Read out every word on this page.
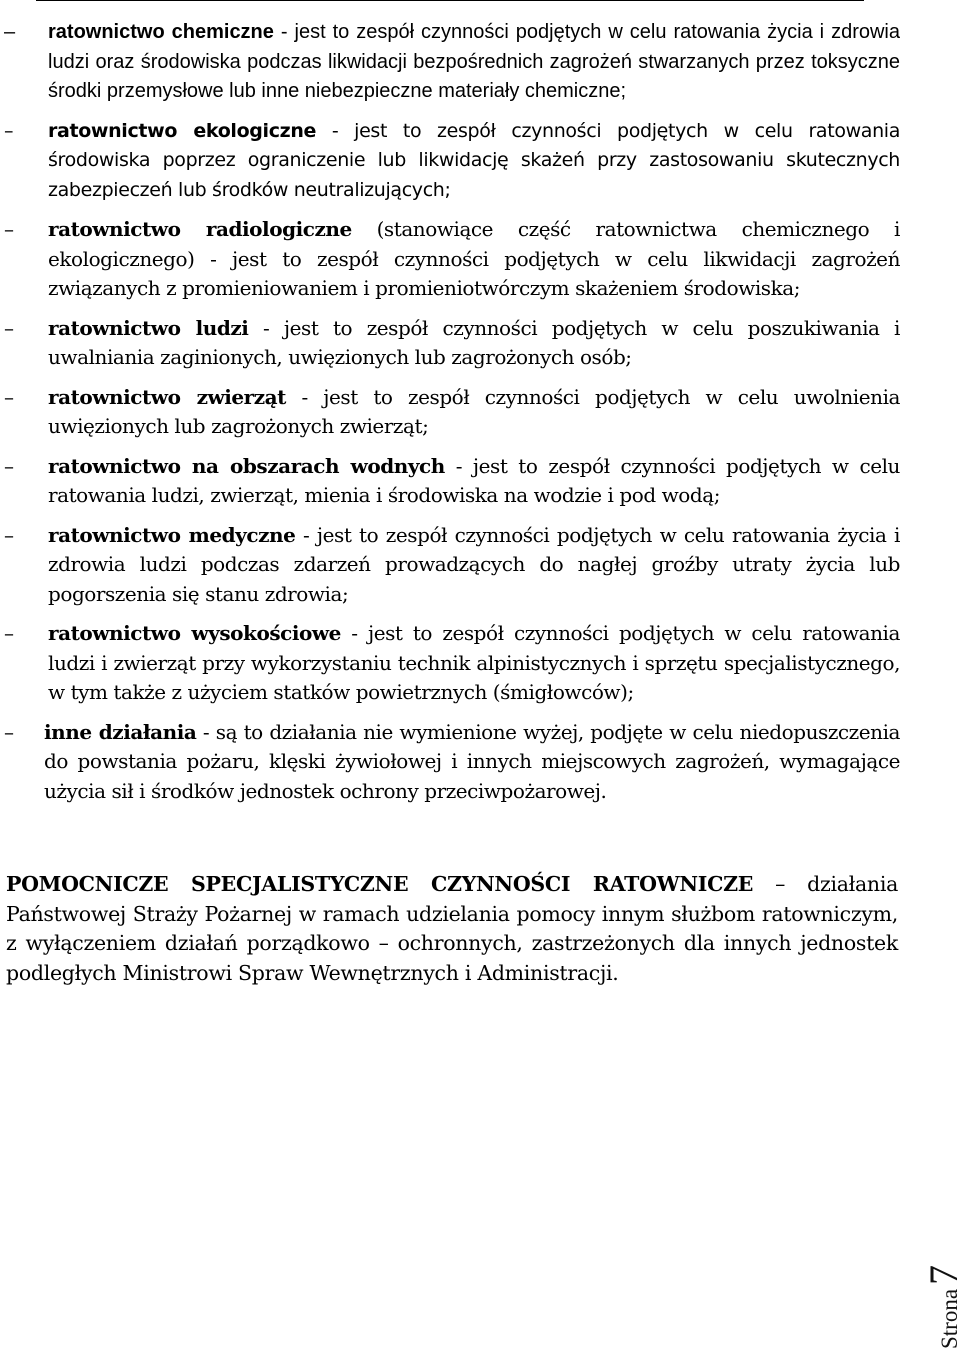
– ratownictwo chemiczne - jest to zespół czynności podjętych w celu ratowania życia i zdrowia ludzi oraz środowiska podczas likwidacji bezpośrednich zagrożeń stwarzanych przez toksyczne środki przemysłowe lub inne niebezpieczne materiały chemiczne;
– ratownictwo ekologiczne - jest to zespół czynności podjętych w celu ratowania środowiska poprzez ograniczenie lub likwidację skażeń przy zastosowaniu skutecznych zabezpieczeń lub środków neutralizujących;
– ratownictwo radiologiczne (stanowiące część ratownictwa chemicznego i ekologicznego) - jest to zespół czynności podjętych w celu likwidacji zagrożeń związanych z promieniowaniem i promieniotwórczym skażeniem środowiska;
– ratownictwo ludzi - jest to zespół czynności podjętych w celu poszukiwania i uwalniania zaginionych, uwięzionych lub zagrożonych osób;
– ratownictwo zwierząt - jest to zespół czynności podjętych w celu uwolnienia uwięzionych lub zagrożonych zwierząt;
– ratownictwo na obszarach wodnych - jest to zespół czynności podjętych w celu ratowania ludzi, zwierząt, mienia i środowiska na wodzie i pod wodą;
– ratownictwo medyczne - jest to zespół czynności podjętych w celu ratowania życia i zdrowia ludzi podczas zdarzeń prowadzących do nagłej groźby utraty życia lub pogorszenia się stanu zdrowia;
– ratownictwo wysokościowe - jest to zespół czynności podjętych w celu ratowania ludzi i zwierząt przy wykorzystaniu technik alpinistycznych i sprzętu specjalistycznego, w tym także z użyciem statków powietrznych (śmigłowców);
– inne działania - są to działania nie wymienione wyżej, podjęte w celu niedopuszczenia do powstania pożaru, klęski żywiołowej i innych miejscowych zagrożeń, wymagające użycia sił i środków jednostek ochrony przeciwpożarowej.
POMOCNICZE SPECJALISTYCZNE CZYNNOŚCI RATOWNICZE – działania Państwowej Straży Pożarnej w ramach udzielania pomocy innym służbom ratowniczym, z wyłączeniem działań porządkowo – ochronnych, zastrzeżonych dla innych jednostek podległych Ministrowi Spraw Wewnętrznych i Administracji.
Strona7
